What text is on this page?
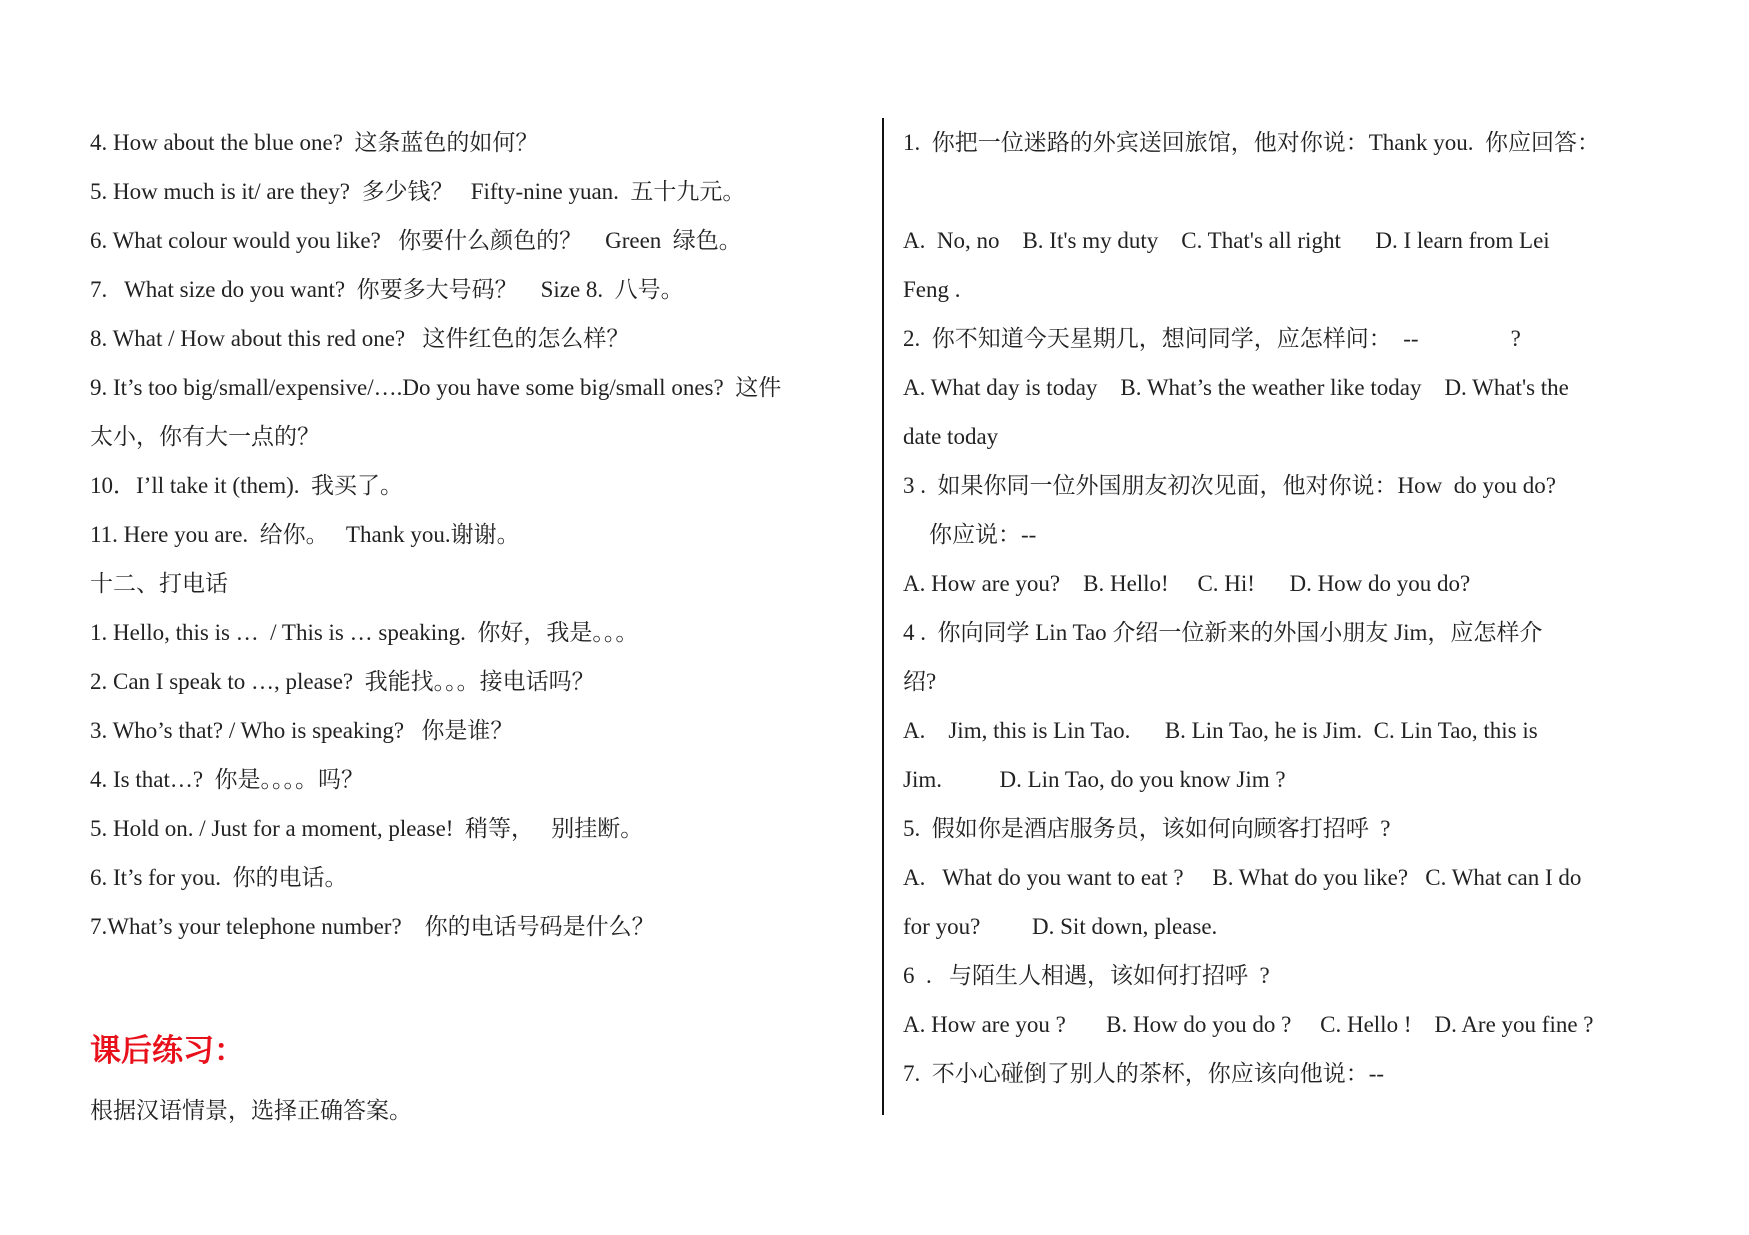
4. How about the blue one?  这条蓝色的如何？
5. How much is it/ are they?  多少钱？   Fifty-nine yuan.  五十九元。
6. What colour would you like?   你要什么颜色的？    Green  绿色。
7.   What size do you want?  你要多大号码？    Size 8.  八号。
8. What / How about this red one?   这件红色的怎么样？
9. It’s too big/small/expensive/….Do you have some big/small ones?  这件
太小，你有大一点的？
10．I’ll take it (them).  我买了。
11. Here you are.  给你。   Thank you.谢谢。
十二、打电话
1. Hello, this is …  / This is … speaking.  你好，我是。。。
2. Can I speak to …, please?  我能找。。。接电话吗？
3. Who’s that? / Who is speaking?   你是谁？
4. Is that…?  你是。。。。吗？
5. Hold on. / Just for a moment, please!  稍等，   别挂断。
6. It’s for you.  你的电话。
7.What’s your telephone number?    你的电话号码是什么？
课后练习：
根据汉语情景，选择正确答案。
1.  你把一位迷路的外宾送回旅馆，他对你说：Thank you.  你应回答：
A.  No, no    B. It's my duty    C. That's all right      D. I learn from Lei
Feng .
2.  你不知道今天星期几，想问同学，应怎样问：  --                ?
A. What day is today    B. What’s the weather like today    D. What's the
date today
3 .  如果你同一位外国朋友初次见面，他对你说：How  do you do?
你应说：--
A. How are you?    B. Hello!     C. Hi!      D. How do you do?
4 .  你向同学 Lin Tao 介绍一位新来的外国小朋友 Jim，应怎样介
绍?
A.    Jim, this is Lin Tao.      B. Lin Tao, he is Jim.  C. Lin Tao, this is
Jim.          D. Lin Tao, do you know Jim ?
5.  假如你是酒店服务员，该如何向顾客打招呼  ?
A.   What do you want to eat ?     B. What do you like?   C. What can I do
for you?         D. Sit down, please.
6  .   与陌生人相遇，该如何打招呼  ?
A. How are you ?       B. How do you do ?     C. Hello !    D. Are you fine ?
7.  不小心碰倒了别人的茶杯，你应该向他说：--
